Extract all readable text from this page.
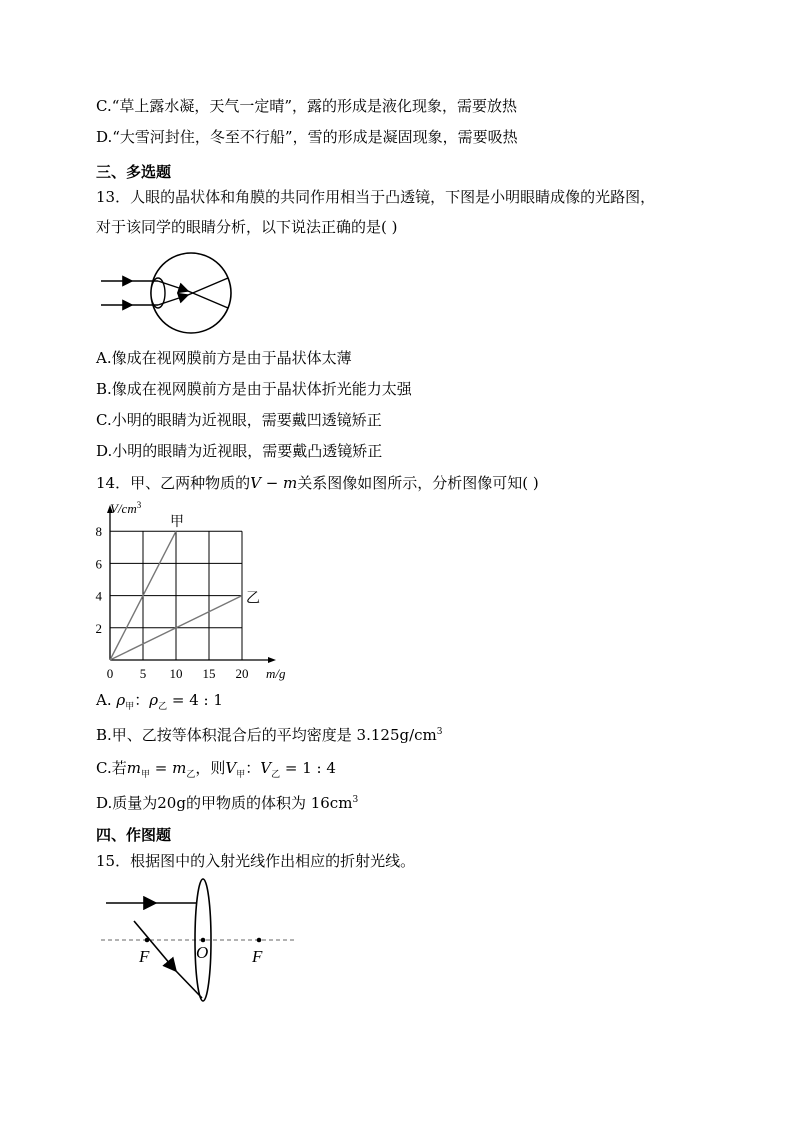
C.“草上露水凝，天气一定晴”，露的形成是液化现象，需要放热
D.“大雪河封住，冬至不行船”，雪的形成是凝固现象，需要吸热
三、多选题
13．人眼的晶状体和角膜的共同作用相当于凸透镜，下图是小明眼睛成像的光路图，
对于该同学的眼睛分析，以下说法正确的是( )
A.像成在视网膜前方是由于晶状体太薄
B.像成在视网膜前方是由于晶状体折光能力太强
C.小明的眼睛为近视眼，需要戴凹透镜矫正
D.小明的眼睛为近视眼，需要戴凸透镜矫正
14．甲、乙两种物质的V − m关系图像如图所示，分析图像可知( )
0 5 10 15 20
2
4
6
8
甲
乙
$V/cm^3$
m/g
A. $\rho_甲$：$\rho_乙 = 4$ : 1
B.甲、乙按等体积混合后的平均密度是 $3.125g/cm^3$
C.若$m_甲 = m_乙$，则$V_甲$：$V_乙 = 1$ : 4
D.质量为20g的甲物质的体积为 $16cm^3$
四、作图题
15．根据图中的入射光线作出相应的折射光线。
F	O	F
